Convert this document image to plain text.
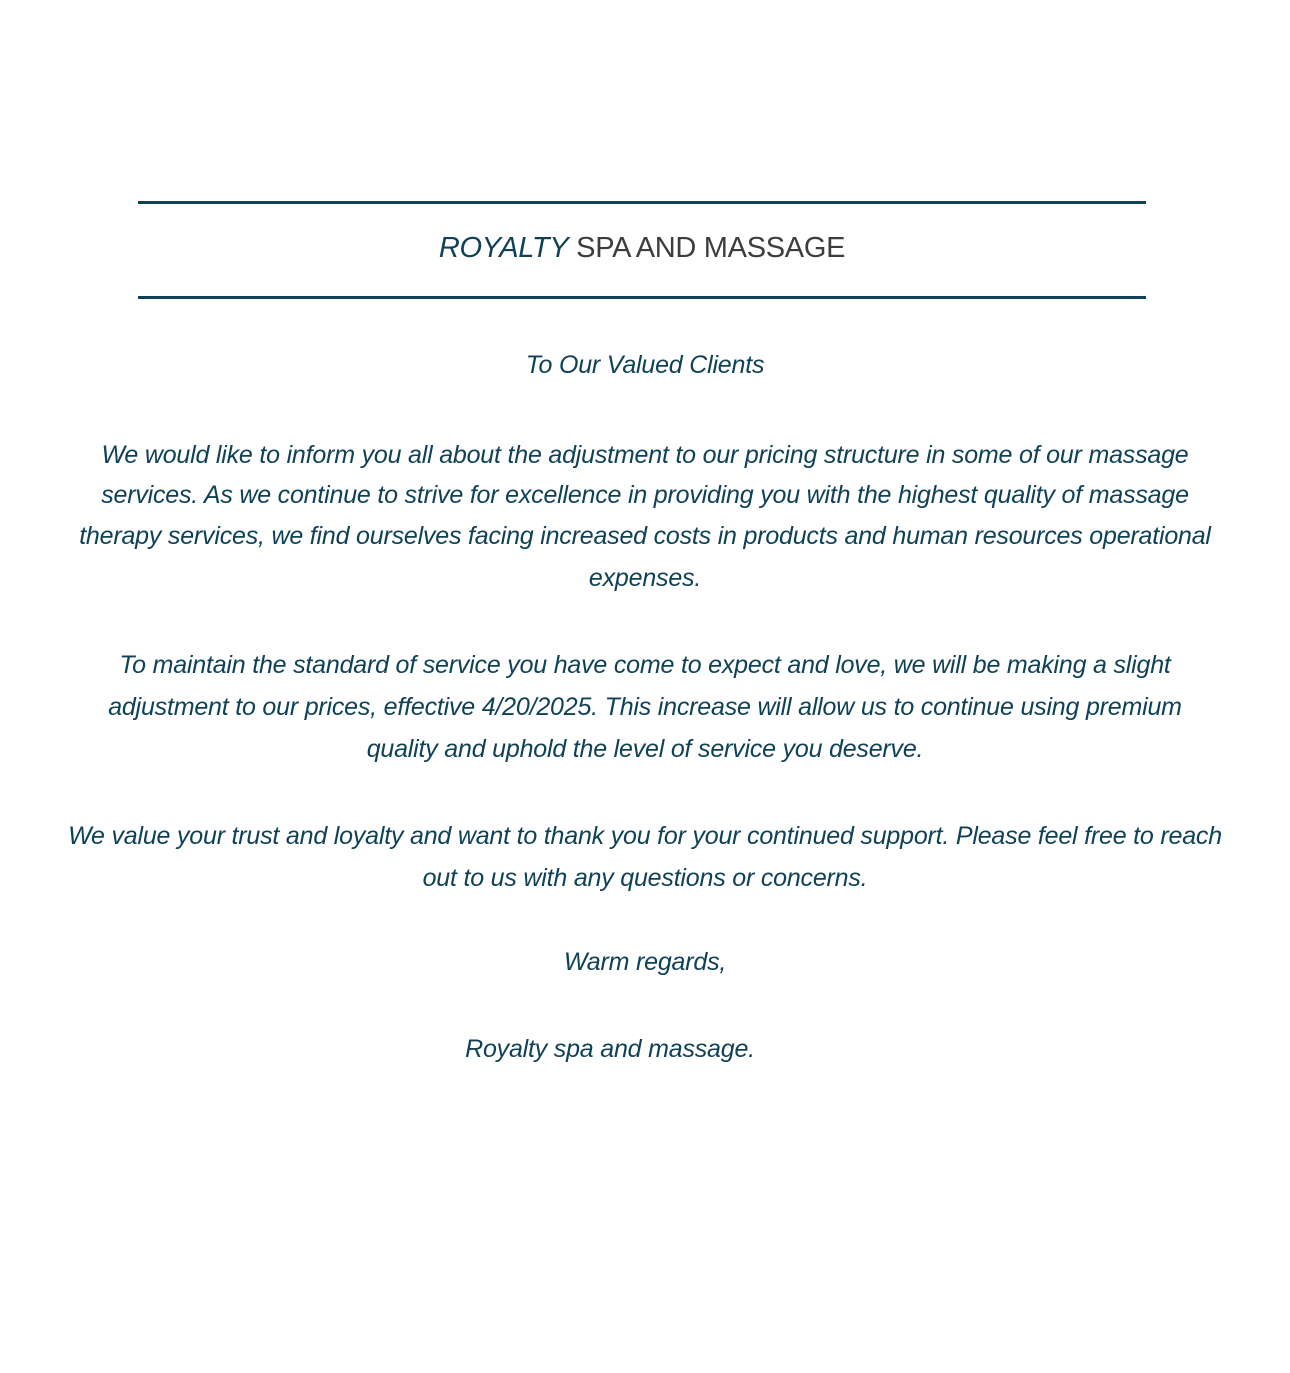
ROYALTY SPA AND MASSAGE

To Our Valued Clients

We would like to inform you all about the adjustment to our pricing structure in some of our massage
services. As we continue to strive for excellence in providing you with the highest quality of massage
therapy services, we find ourselves facing increased costs in products and human resources operational
expenses.

To maintain the standard of service you have come to expect and love, we will be making a slight
adjustment to our prices, effective 4/20/2025. This increase will allow us to continue using premium
quality and uphold the level of service you deserve.

We value your trust and loyalty and want to thank you for your continued support. Please feel free to reach
out to us with any questions or concerns.

Warm regards,

Royalty spa and massage.
